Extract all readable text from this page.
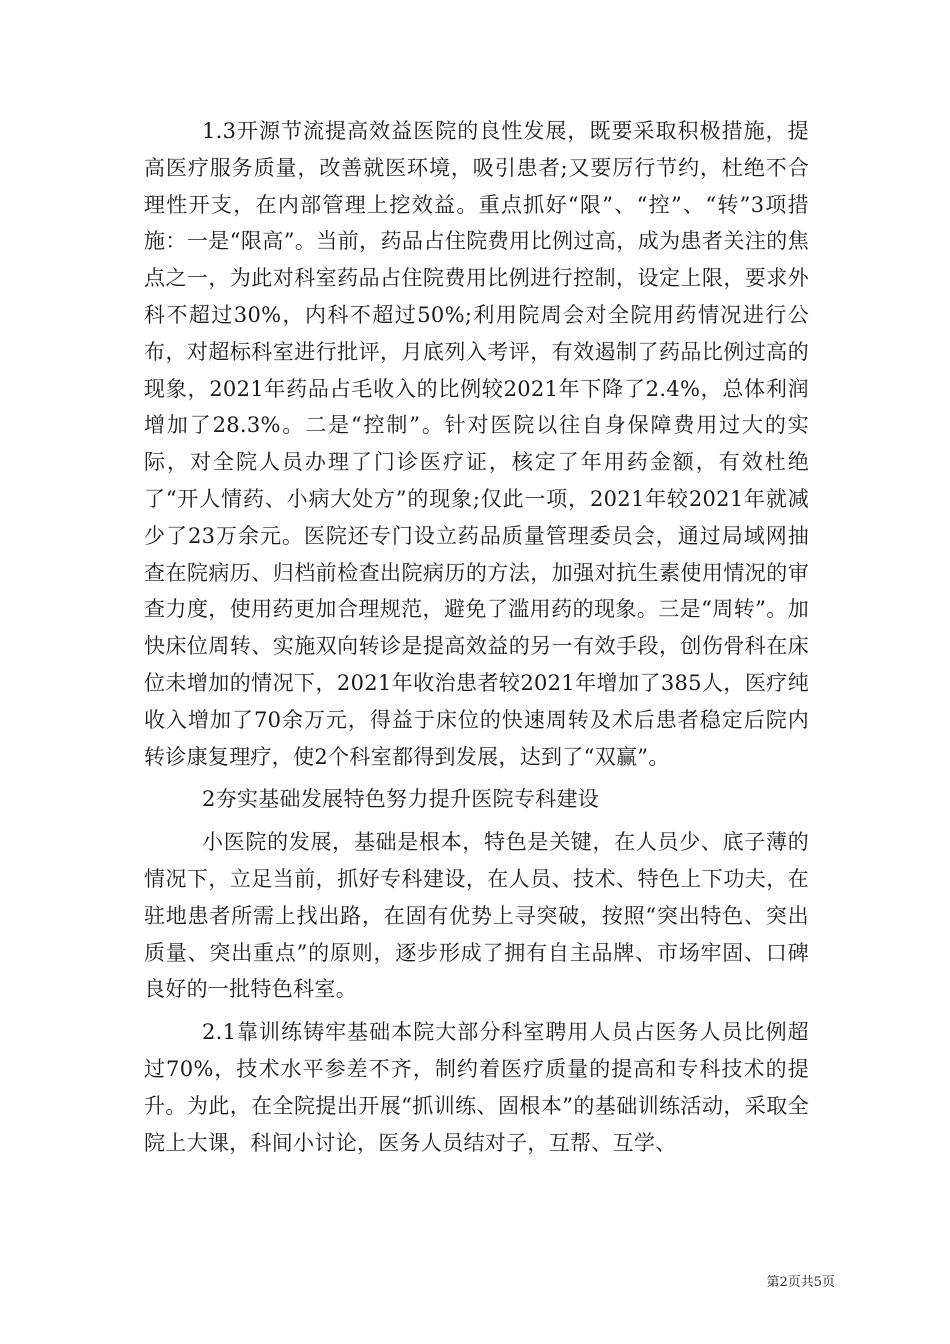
1.3开源节流提高效益医院的良性发展，既要采取积极措施，提高医疗服务质量，改善就医环境，吸引患者;又要厉行节约，杜绝不合理性开支，在内部管理上挖效益。重点抓好“限”、“控”、“转”3项措施：一是“限高”。当前，药品占住院费用比例过高，成为患者关注的焦点之一，为此对科室药品占住院费用比例进行控制，设定上限，要求外科不超过30%，内科不超过50%;利用院周会对全院用药情况进行公布，对超标科室进行批评，月底列入考评，有效遏制了药品比例过高的现象，2021年药品占毛收入的比例较2021年下降了2.4%，总体利润增加了28.3%。二是“控制”。针对医院以往自身保障费用过大的实际，对全院人员办理了门诊医疗证，核定了年用药金额，有效杜绝了“开人情药、小病大处方”的现象;仅此一项，2021年较2021年就减少了23万余元。医院还专门设立药品质量管理委员会，通过局域网抽查在院病历、归档前检查出院病历的方法，加强对抗生素使用情况的审查力度，使用药更加合理规范，避免了滥用药的现象。三是“周转”。加快床位周转、实施双向转诊是提高效益的另一有效手段，创伤骨科在床位未增加的情况下，2021年收治患者较2021年增加了385人，医疗纯收入增加了70余万元，得益于床位的快速周转及术后患者稳定后院内转诊康复理疗，使2个科室都得到发展，达到了“双赢”。

2夯实基础发展特色努力提升医院专科建设

小医院的发展，基础是根本，特色是关键，在人员少、底子薄的情况下，立足当前，抓好专科建设，在人员、技术、特色上下功夫，在驻地患者所需上找出路，在固有优势上寻突破，按照“突出特色、突出质量、突出重点”的原则，逐步形成了拥有自主品牌、市场牢固、口碑良好的一批特色科室。

2.1靠训练铸牢基础本院大部分科室聘用人员占医务人员比例超过70%，技术水平参差不齐，制约着医疗质量的提高和专科技术的提升。为此，在全院提出开展“抓训练、固根本”的基础训练活动，采取全院上大课，科间小讨论，医务人员结对子，互帮、互学、

第2页共5页
